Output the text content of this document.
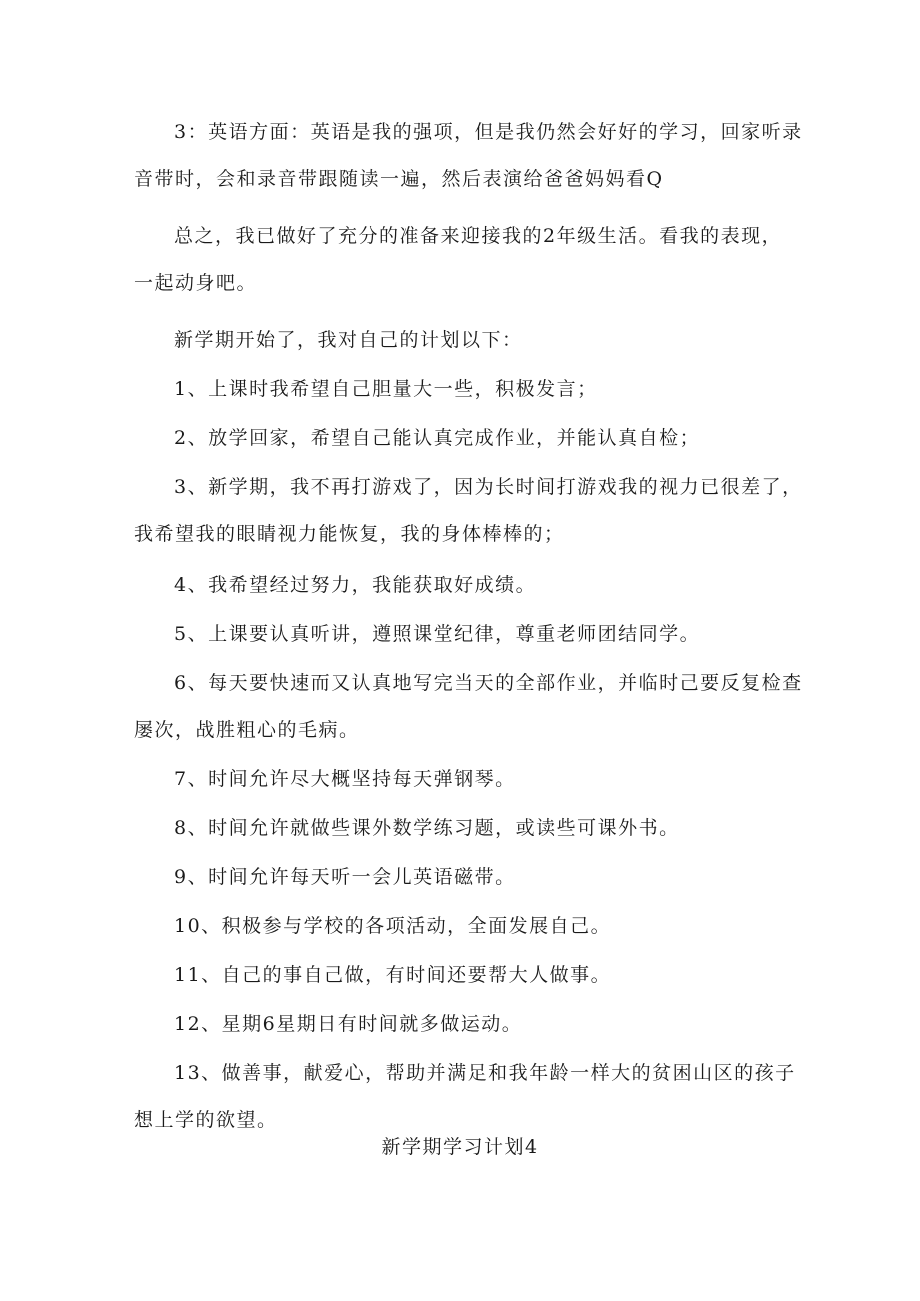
3：英语方面：英语是我的强项，但是我仍然会好好的学习，回家听录
音带时，会和录音带跟随读一遍，然后表演给爸爸妈妈看Q
总之，我已做好了充分的准备来迎接我的2年级生活。看我的表现，
一起动身吧。
新学期开始了，我对自己的计划以下：
1、上课时我希望自己胆量大一些，积极发言；
2、放学回家，希望自己能认真完成作业，并能认真自检；
3、新学期，我不再打游戏了，因为长时间打游戏我的视力已很差了，
我希望我的眼睛视力能恢复，我的身体棒棒的；
4、我希望经过努力，我能获取好成绩。
5、上课要认真听讲，遵照课堂纪律，尊重老师团结同学。
6、每天要快速而又认真地写完当天的全部作业，并临时己要反复检查
屡次，战胜粗心的毛病。
7、时间允许尽大概坚持每天弹钢琴。
8、时间允许就做些课外数学练习题，或读些可课外书。
9、时间允许每天听一会儿英语磁带。
10、积极参与学校的各项活动，全面发展自己。
11、自己的事自己做，有时间还要帮大人做事。
12、星期6星期日有时间就多做运动。
13、做善事，献爱心，帮助并满足和我年龄一样大的贫困山区的孩子
想上学的欲望。
新学期学习计划4
